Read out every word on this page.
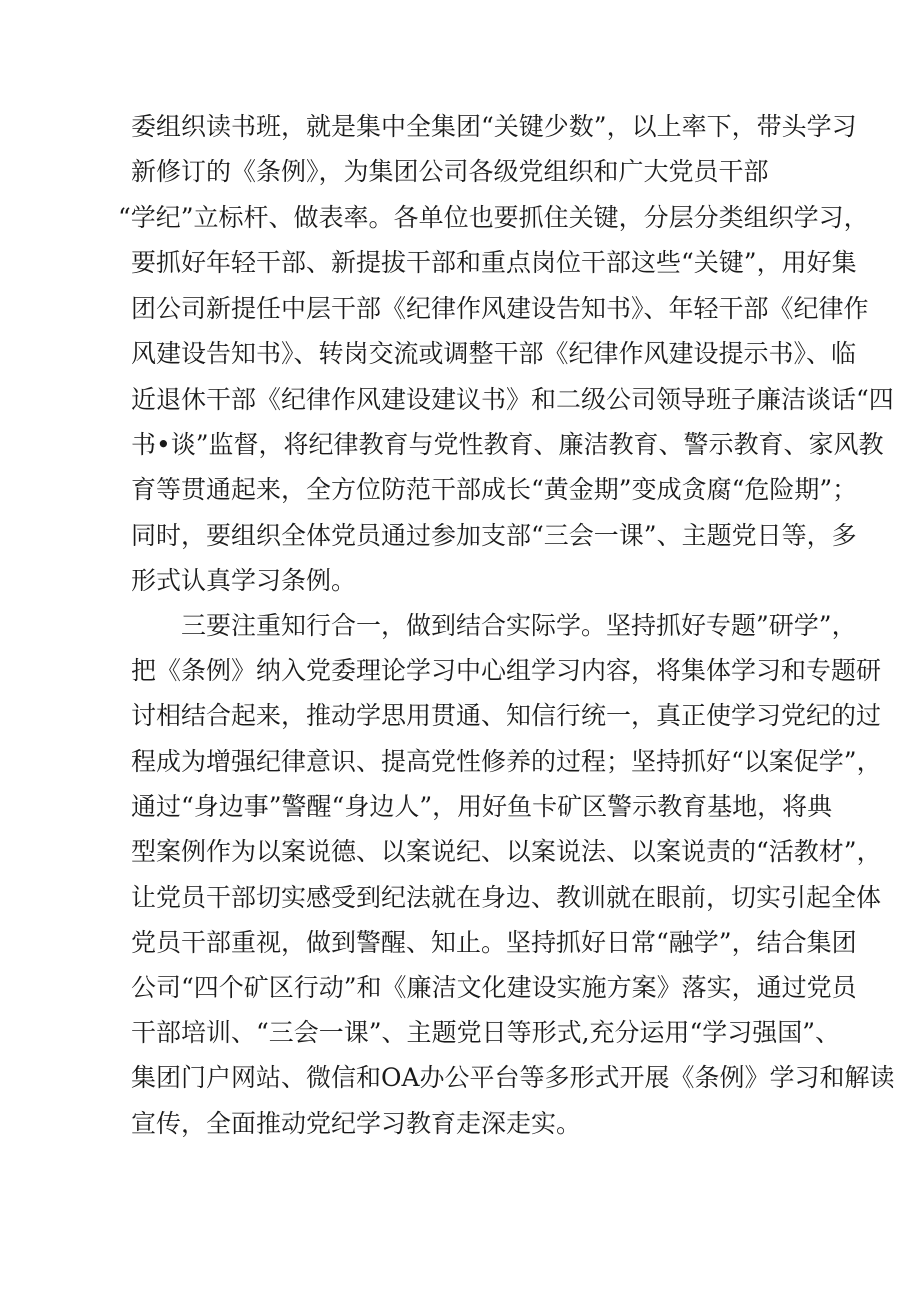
委组织读书班，就是集中全集团“关键少数”，以上率下，带头学习
新修订的《条例》，为集团公司各级党组织和广大党员干部
“学纪”立标杆、做表率。各单位也要抓住关键，分层分类组织学习，
要抓好年轻干部、新提拔干部和重点岗位干部这些“关键”，用好集
团公司新提任中层干部《纪律作风建设告知书》、年轻干部《纪律作
风建设告知书》、转岗交流或调整干部《纪律作风建设提示书》、临
近退休干部《纪律作风建设建议书》和二级公司领导班子廉洁谈话“四
书•谈”监督，将纪律教育与党性教育、廉洁教育、警示教育、家风教
育等贯通起来，全方位防范干部成长“黄金期”变成贪腐“危险期”；
同时，要组织全体党员通过参加支部“三会一课”、主题党日等，多
形式认真学习条例。
三要注重知行合一，做到结合实际学。坚持抓好专题”研学”，
把《条例》纳入党委理论学习中心组学习内容，将集体学习和专题研
讨相结合起来，推动学思用贯通、知信行统一，真正使学习党纪的过
程成为增强纪律意识、提高党性修养的过程；坚持抓好“以案促学”，
通过“身边事”警醒“身边人”，用好鱼卡矿区警示教育基地，将典
型案例作为以案说德、以案说纪、以案说法、以案说责的“活教材”，
让党员干部切实感受到纪法就在身边、教训就在眼前，切实引起全体
党员干部重视，做到警醒、知止。坚持抓好日常“融学”，结合集团
公司“四个矿区行动”和《廉洁文化建设实施方案》落实，通过党员
干部培训、“三会一课”、主题党日等形式,充分运用“学习强国”、
集团门户网站、微信和OA办公平台等多形式开展《条例》学习和解读
宣传，全面推动党纪学习教育走深走实。
